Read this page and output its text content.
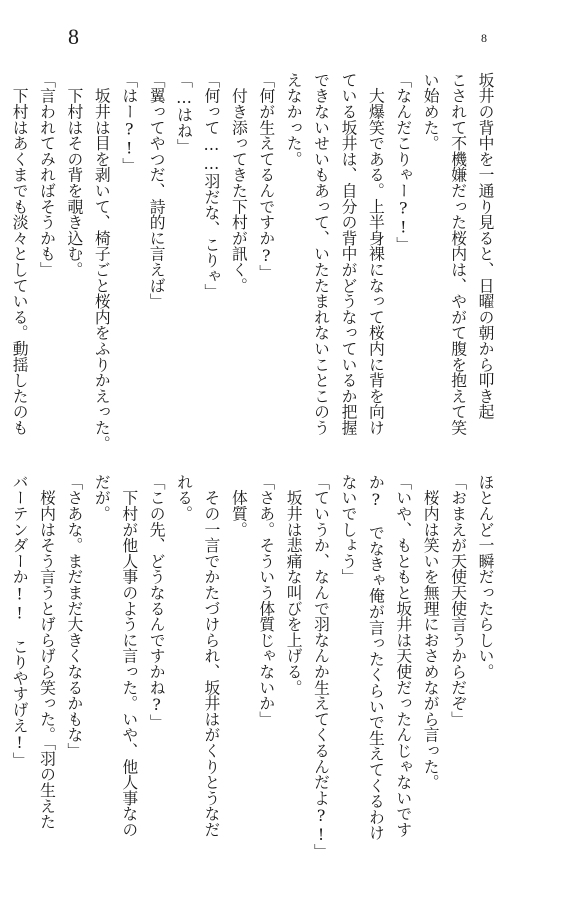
8	8
坂井の背中を一通り見ると、日曜の朝から叩き起
こされて不機嫌だった桜内は、やがて腹を抱えて笑
い始めた。
「なんだこりゃー?!」
　大爆笑である。上半身裸になって桜内に背を向け
ている坂井は、自分の背中がどうなっているか把握
できないせいもあって、いたたまれないことこのう
えなかった。
「何が生えてるんですか?」
　付き添ってきた下村が訊く。
「何って……羽だな、こりゃ」
「…はね」
「翼ってやつだ、詩的に言えば」
「はー?!」
　坂井は目を剥いて、椅子ごと桜内をふりかえった。
　下村はその背を覗き込む。
「言われてみればそうかも」
　下村はあくまでも淡々としている。動揺したのも
ほとんど一瞬だったらしい。
「おまえが天使天使言うからだぞ」
　桜内は笑いを無理におさめながら言った。
「いや、もともと坂井は天使だったんじゃないです
か?　でなきゃ俺が言ったくらいで生えてくるわけ
ないでしょう」
「ていうか、なんで羽なんか生えてくるんだよ?!」
　坂井は悲痛な叫びを上げる。
「さあ。そういう体質じゃないか」
　体質。
　その一言でかたづけられ、坂井はがくりとうなだ
れる。
「この先、どうなるんですかね?」
　下村が他人事のように言った。いや、他人事なの
だが。
「さあな。まだまだ大きくなるかもな」
　桜内はそう言うとげらげら笑った。「羽の生えた
バーテンダーか!!　こりやすげえ!」
